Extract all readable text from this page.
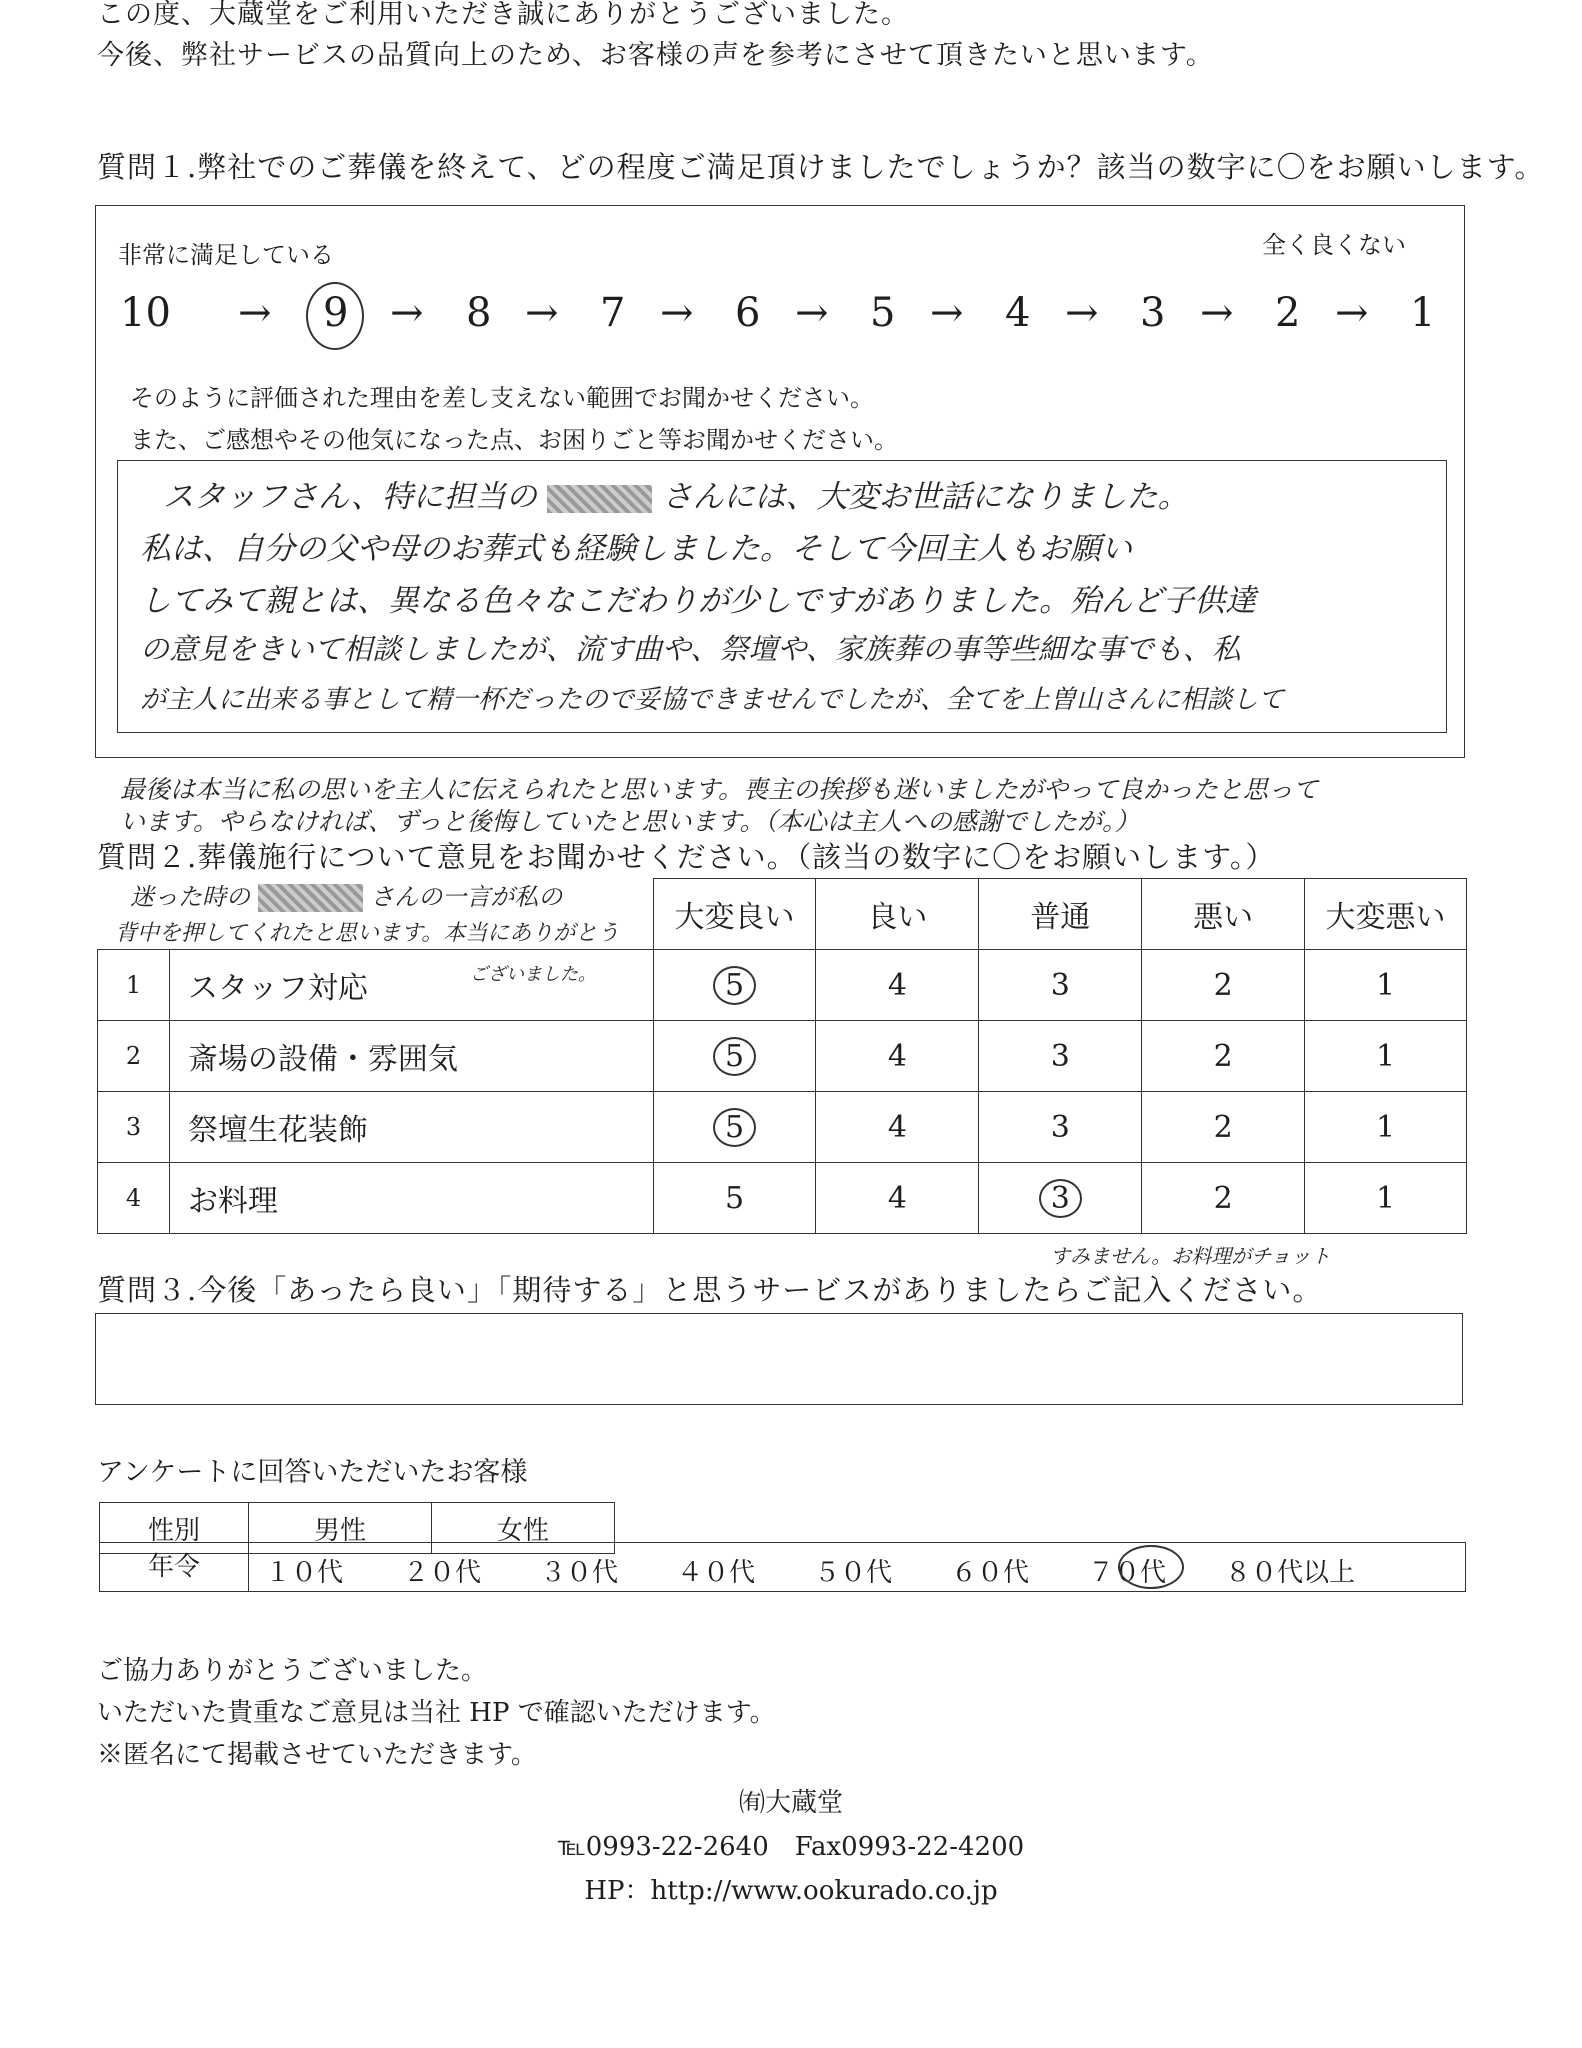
この度、大蔵堂をご利用いただき誠にありがとうございました。
今後、弊社サービスの品質向上のため、お客様の声を参考にさせて頂きたいと思います。
質問１.弊社でのご葬儀を終えて、どの程度ご満足頂けましたでしょうか？該当の数字に〇をお願いします。
非常に満足している	全く良くない
10 → 9 → 8 → 7 → 6 → 5 → 4 → 3 → 2 → 1
そのように評価された理由を差し支えない範囲でお聞かせください。
また、ご感想やその他気になった点、お困りごと等お聞かせください。
スタッフさん、特に担当の	さんには、大変お世話になりました。
私は、自分の父や母のお葬式も経験しました。そして今回主人もお願い
してみて親とは、異なる色々なこだわりが少しですがありました。殆んど子供達
の意見をきいて相談しましたが、流す曲や、祭壇や、家族葬の事等些細な事でも、私
が主人に出来る事として精一杯だったので妥協できませんでしたが、全てを上曽山さんに相談して
最後は本当に私の思いを主人に伝えられたと思います。喪主の挨拶も迷いましたがやって良かったと思って
います。やらなければ、ずっと後悔していたと思います。（本心は主人への感謝でしたが。）
質問２.葬儀施行について意見をお聞かせください。（該当の数字に〇をお願いします。）
迷った時の	さんの一言が私の
背中を押してくれたと思います。本当にありがとう
ございました。
		大変良い	良い	普通	悪い	大変悪い
1	スタッフ対応	5	4	3	2	1
2	斎場の設備・雰囲気	5	4	3	2	1
3	祭壇生花装飾	5	4	3	2	1
4	お料理	5	4	3	2	1
すみません。お料理がチョット
質問３.今後「あったら良い」「期待する」と思うサービスがありましたらご記入ください。
アンケートに回答いただいたお客様
性別	男性	女性
年令	１０代 ２０代 ３０代 ４０代 ５０代 ６０代 ７０代 ８０代以上
ご協力ありがとうございました。
いただいた貴重なご意見は当社 HP で確認いただけます。
※匿名にて掲載させていただきます。
㈲大蔵堂
℡0993-22-2640　Fax0993-22-4200
HP：http://www.ookurado.co.jp
